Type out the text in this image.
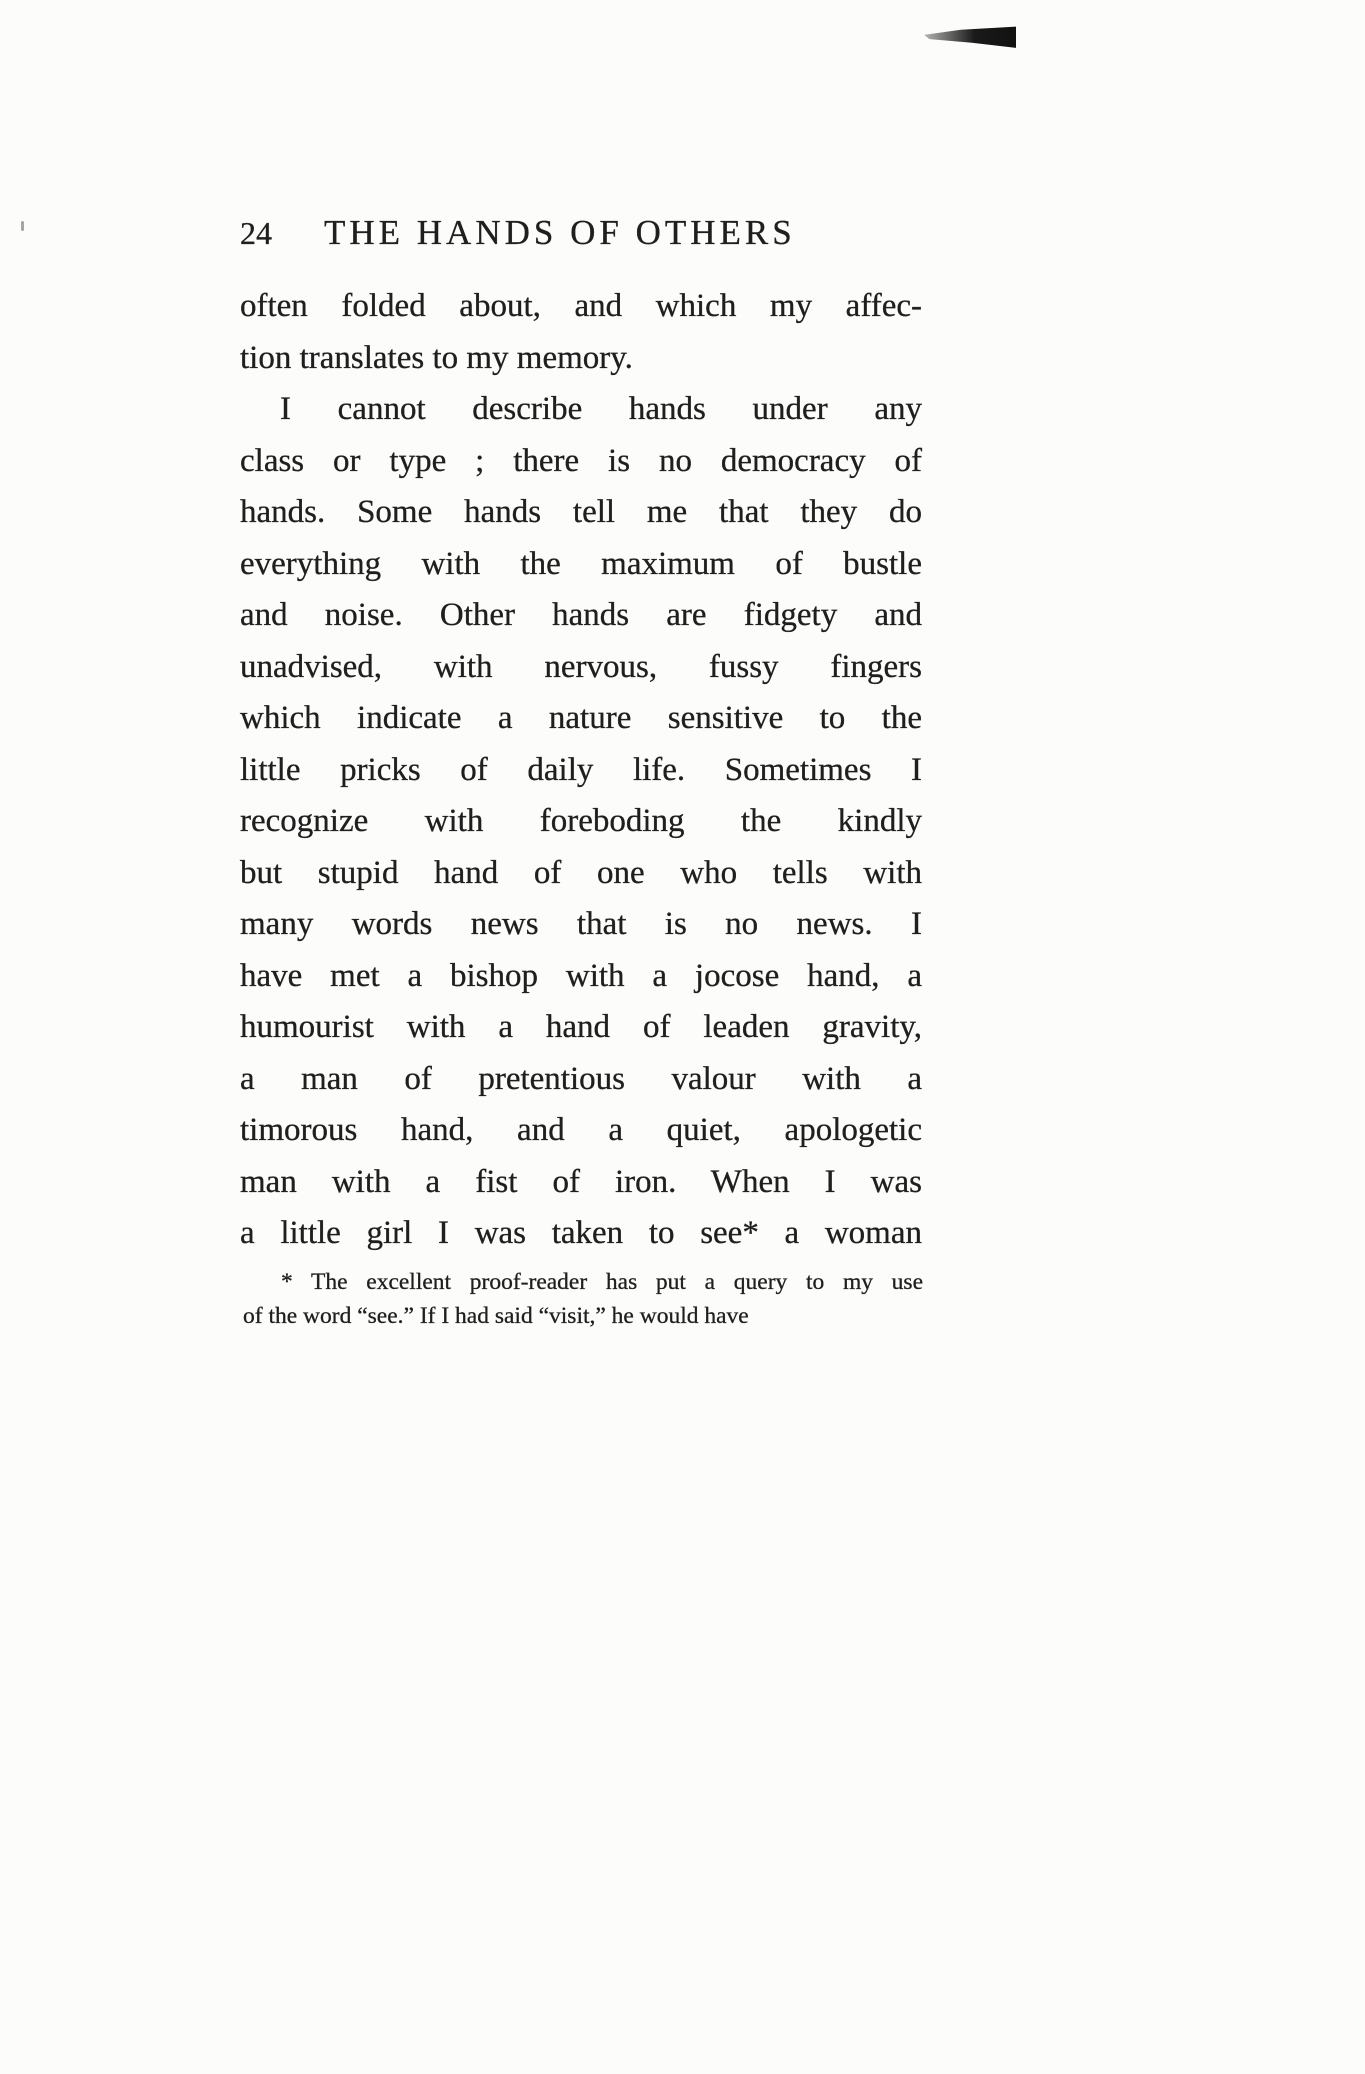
24 THE HANDS OF OTHERS
often folded about, and which my affec-
tion translates to my memory.
I cannot describe hands under any
class or type ; there is no democracy of
hands. Some hands tell me that they do
everything with the maximum of bustle
and noise. Other hands are fidgety and
unadvised, with nervous, fussy fingers
which indicate a nature sensitive to the
little pricks of daily life. Sometimes I
recognize with foreboding the kindly
but stupid hand of one who tells with
many words news that is no news. I
have met a bishop with a jocose hand, a
humourist with a hand of leaden gravity,
a man of pretentious valour with a
timorous hand, and a quiet, apologetic
man with a fist of iron. When I was
a little girl I was taken to see* a woman
* The excellent proof-reader has put a query to my use
of the word “see.” If I had said “visit,” he would have
